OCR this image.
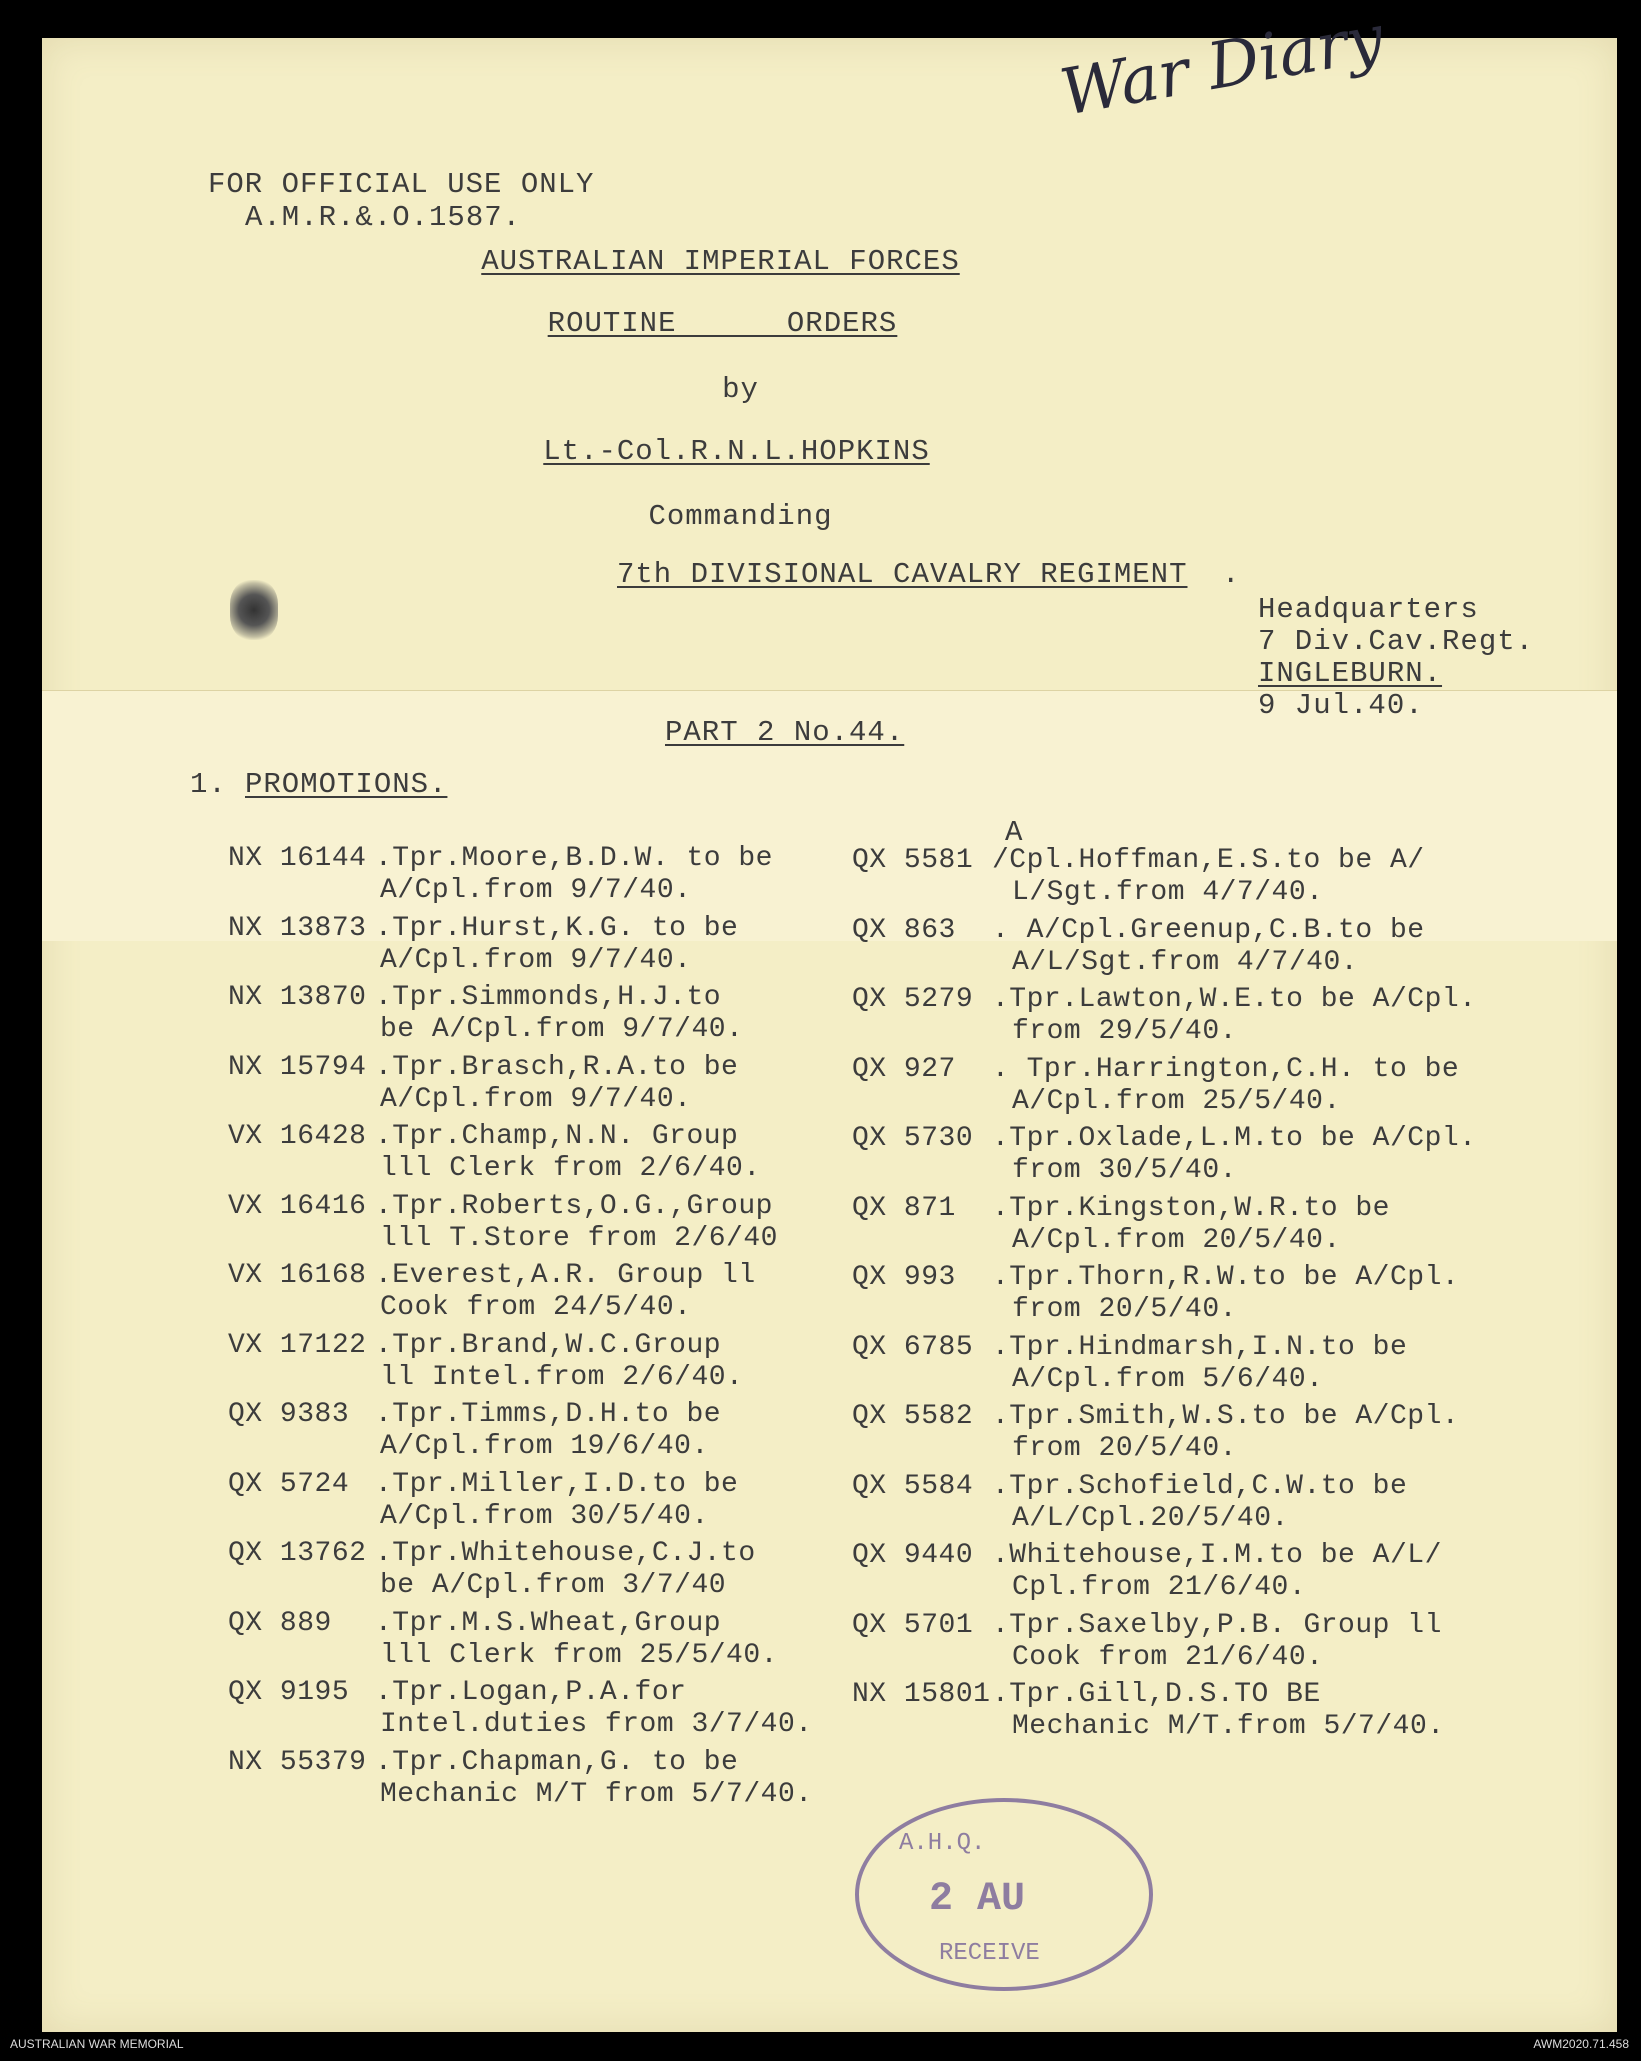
War Diary
FOR OFFICIAL USE ONLY
A.M.R.&.O.1587.
AUSTRALIAN IMPERIAL FORCES
ROUTINE      ORDERS
by
Lt.-Col.R.N.L.HOPKINS
Commanding
7th DIVISIONAL CAVALRY REGIMENT .
Headquarters
7 Div.Cav.Regt.
INGLEBURN.
9 Jul.40.
PART 2 No.44.
1. PROMOTIONS.
NX 16144 .Tpr.Moore,B.D.W. to be
A/Cpl.from 9/7/40.
NX 13873 .Tpr.Hurst,K.G. to be
A/Cpl.from 9/7/40.
NX 13870 .Tpr.Simmonds,H.J.to
be A/Cpl.from 9/7/40.
NX 15794 .Tpr.Brasch,R.A.to be
A/Cpl.from 9/7/40.
VX 16428 .Tpr.Champ,N.N. Group
lll Clerk from 2/6/40.
VX 16416 .Tpr.Roberts,O.G.,Group
lll T.Store from 2/6/40
VX 16168 .Everest,A.R. Group ll
Cook from 24/5/40.
VX 17122 .Tpr.Brand,W.C.Group
ll Intel.from 2/6/40.
QX 9383 .Tpr.Timms,D.H.to be
A/Cpl.from 19/6/40.
QX 5724 .Tpr.Miller,I.D.to be
A/Cpl.from 30/5/40.
QX 13762 .Tpr.Whitehouse,C.J.to
be A/Cpl.from 3/7/40
QX 889 .Tpr.M.S.Wheat,Group
lll Clerk from 25/5/40.
QX 9195 .Tpr.Logan,P.A.for
Intel.duties from 3/7/40.
NX 55379 .Tpr.Chapman,G. to be
Mechanic M/T from 5/7/40.
QX 5581 /Cpl.Hoffman,E.S.to be A/
L/Sgt.from 4/7/40.
QX 863 . A/Cpl.Greenup,C.B.to be
A/L/Sgt.from 4/7/40.
QX 5279 .Tpr.Lawton,W.E.to be A/Cpl.
from 29/5/40.
QX 927 . Tpr.Harrington,C.H. to be
A/Cpl.from 25/5/40.
QX 5730 .Tpr.Oxlade,L.M.to be A/Cpl.
from 30/5/40.
QX 871 .Tpr.Kingston,W.R.to be
A/Cpl.from 20/5/40.
QX 993 .Tpr.Thorn,R.W.to be A/Cpl.
from 20/5/40.
QX 6785 .Tpr.Hindmarsh,I.N.to be
A/Cpl.from 5/6/40.
QX 5582 .Tpr.Smith,W.S.to be A/Cpl.
from 20/5/40.
QX 5584 .Tpr.Schofield,C.W.to be
A/L/Cpl.20/5/40.
QX 9440 .Whitehouse,I.M.to be A/L/
Cpl.from 21/6/40.
QX 5701 .Tpr.Saxelby,P.B. Group ll
Cook from 21/6/40.
NX 15801.Tpr.Gill,D.S.TO BE
Mechanic M/T.from 5/7/40.
A
A.H.Q.
2 AU
RECEIVE
AUSTRALIAN WAR MEMORIAL	AWM2020.71.458
